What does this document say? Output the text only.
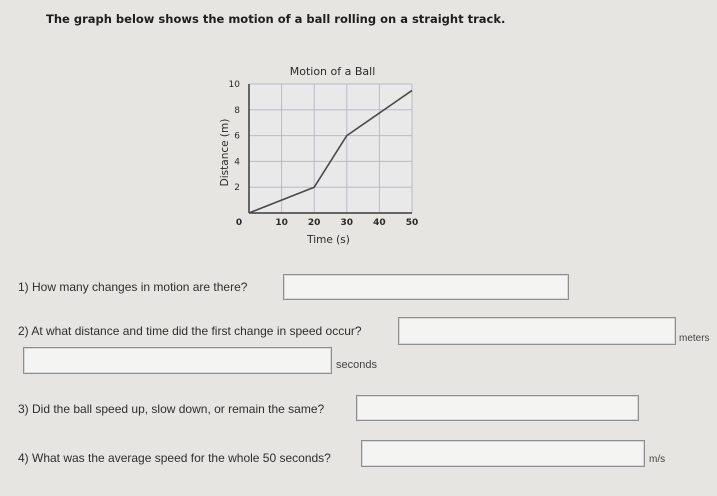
The graph below shows the motion of a ball rolling on a straight track.
Motion of a Ball
0	10 20 30 40 50
2
4
6
8
10
Time (s)
Distance (m)
1) How many changes in motion are there?
2) At what distance and time did the first change in speed occur?
meters
seconds
3) Did the ball speed up, slow down, or remain the same?
4) What was the average speed for the whole 50 seconds?	m/s
